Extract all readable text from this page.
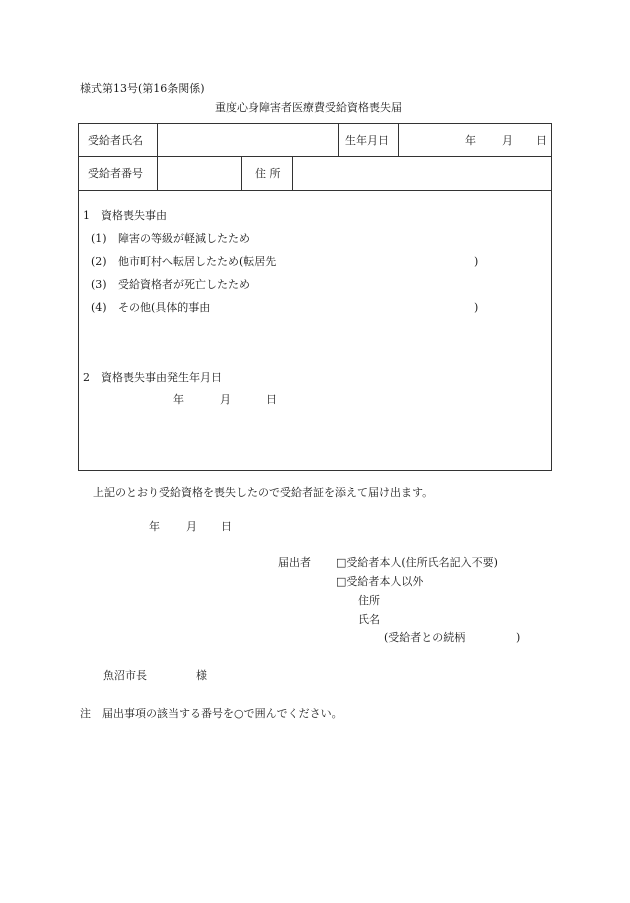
様式第13号(第16条関係)
重度心身障害者医療費受給資格喪失届
受給者氏名	生年月日	年 月 日
受給者番号	住 所
1　資格喪失事由
(1) 障害の等級が軽減したため
(2) 他市町村へ転居したため(転居先	)
(3) 受給資格者が死亡したため
(4) その他(具体的事由	)
2　資格喪失事由発生年月日
年	月	日
上記のとおり受給資格を喪失したので受給者証を添えて届け出ます。
年 月 日
届出者 □受給者本人(住所氏名記入不要)
□受給者本人以外
住所
氏名
(受給者との続柄	)
魚沼市長	様
注　届出事項の該当する番号を○で囲んでください。
